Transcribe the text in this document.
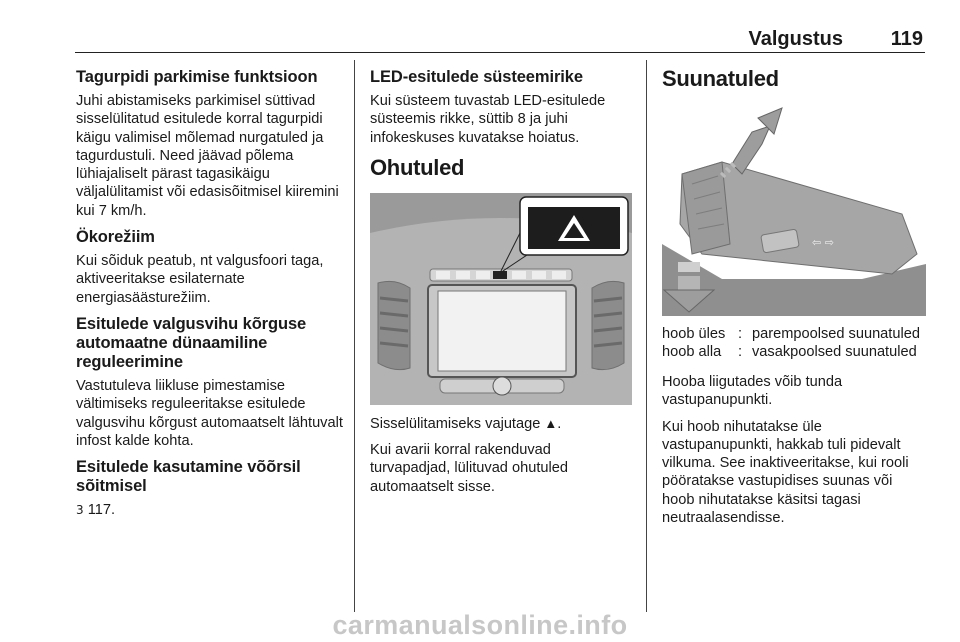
Valgustus 119
Tagurpidi parkimise funktsioon

Juhi abistamiseks parkimisel süttivad sisselülitatud esitulede korral tagurpidi käigu valimisel mõlemad nurgatuled ja tagurdustuli. Need jäävad põlema lühiajaliselt pärast tagasikäigu väljalülitamist või edasisõitmisel kiiremini kui 7 km/h.

Ökorežiim

Kui sõiduk peatub, nt valgusfoori taga, aktiveeritakse esilaternate energiasäästurežiim.

Esitulede valgusvihu kõrguse automaatne dünaamiline reguleerimine

Vastutuleva liikluse pimestamise vältimiseks reguleeritakse esitulede valgusvihu kõrgust automaatselt lähtuvalt infost kalde kohta.

Esitulede kasutamine võõrsil sõitmisel

3 117.

LED-esitulede süsteemirike

Kui süsteem tuvastab LED-esitulede süsteemis rikke, süttib 8 ja juhi infokeskuses kuvatakse hoiatus.

Ohutuled

Sisselülitamiseks vajutage ▲.

Kui avarii korral rakenduvad turvapadjad, lülituvad ohutuled automaatselt sisse.

Suunatuled
⇦ ⇨
hoob üles	:	parempoolsed suunatuled
hoob alla	:	vasakpoolsed suunatuled

Hooba liigutades võib tunda vastupanupunkti.

Kui hoob nihutatakse üle vastupanupunkti, hakkab tuli pidevalt vilkuma. See inaktiveeritakse, kui rooli pööratakse vastupidises suunas või hoob nihutatakse käsitsi tagasi neutraalasendisse.

carmanualsonline.info
